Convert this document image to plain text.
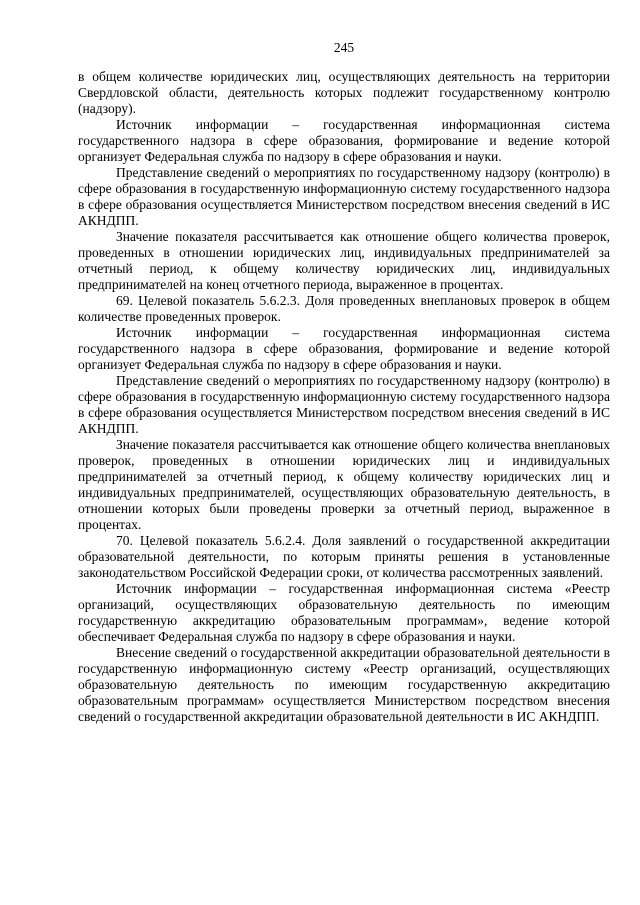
245

в общем количестве юридических лиц, осуществляющих деятельность на территории Свердловской области, деятельность которых подлежит государственному контролю (надзору).

Источник информации – государственная информационная система государственного надзора в сфере образования, формирование и ведение которой организует Федеральная служба по надзору в сфере образования и науки.

Представление сведений о мероприятиях по государственному надзору (контролю) в сфере образования в государственную информационную систему государственного надзора в сфере образования осуществляется Министерством посредством внесения сведений в ИС АКНДПП.

Значение показателя рассчитывается как отношение общего количества проверок, проведенных в отношении юридических лиц, индивидуальных предпринимателей за отчетный период, к общему количеству юридических лиц, индивидуальных предпринимателей на конец отчетного периода, выраженное в процентах.

69. Целевой показатель 5.6.2.3. Доля проведенных внеплановых проверок в общем количестве проведенных проверок.

Источник информации – государственная информационная система государственного надзора в сфере образования, формирование и ведение которой организует Федеральная служба по надзору в сфере образования и науки.

Представление сведений о мероприятиях по государственному надзору (контролю) в сфере образования в государственную информационную систему государственного надзора в сфере образования осуществляется Министерством посредством внесения сведений в ИС АКНДПП.

Значение показателя рассчитывается как отношение общего количества внеплановых проверок, проведенных в отношении юридических лиц и индивидуальных предпринимателей за отчетный период, к общему количеству юридических лиц и индивидуальных предпринимателей, осуществляющих образовательную деятельность, в отношении которых были проведены проверки за отчетный период, выраженное в процентах.

70. Целевой показатель 5.6.2.4. Доля заявлений о государственной аккредитации образовательной деятельности, по которым приняты решения в установленные законодательством Российской Федерации сроки, от количества рассмотренных заявлений.

Источник информации – государственная информационная система «Реестр организаций, осуществляющих образовательную деятельность по имеющим государственную аккредитацию образовательным программам», ведение которой обеспечивает Федеральная служба по надзору в сфере образования и науки.

Внесение сведений о государственной аккредитации образовательной деятельности в государственную информационную систему «Реестр организаций, осуществляющих образовательную деятельность по имеющим государственную аккредитацию образовательным программам» осуществляется Министерством посредством внесения сведений о государственной аккредитации образовательной деятельности в ИС АКНДПП.
